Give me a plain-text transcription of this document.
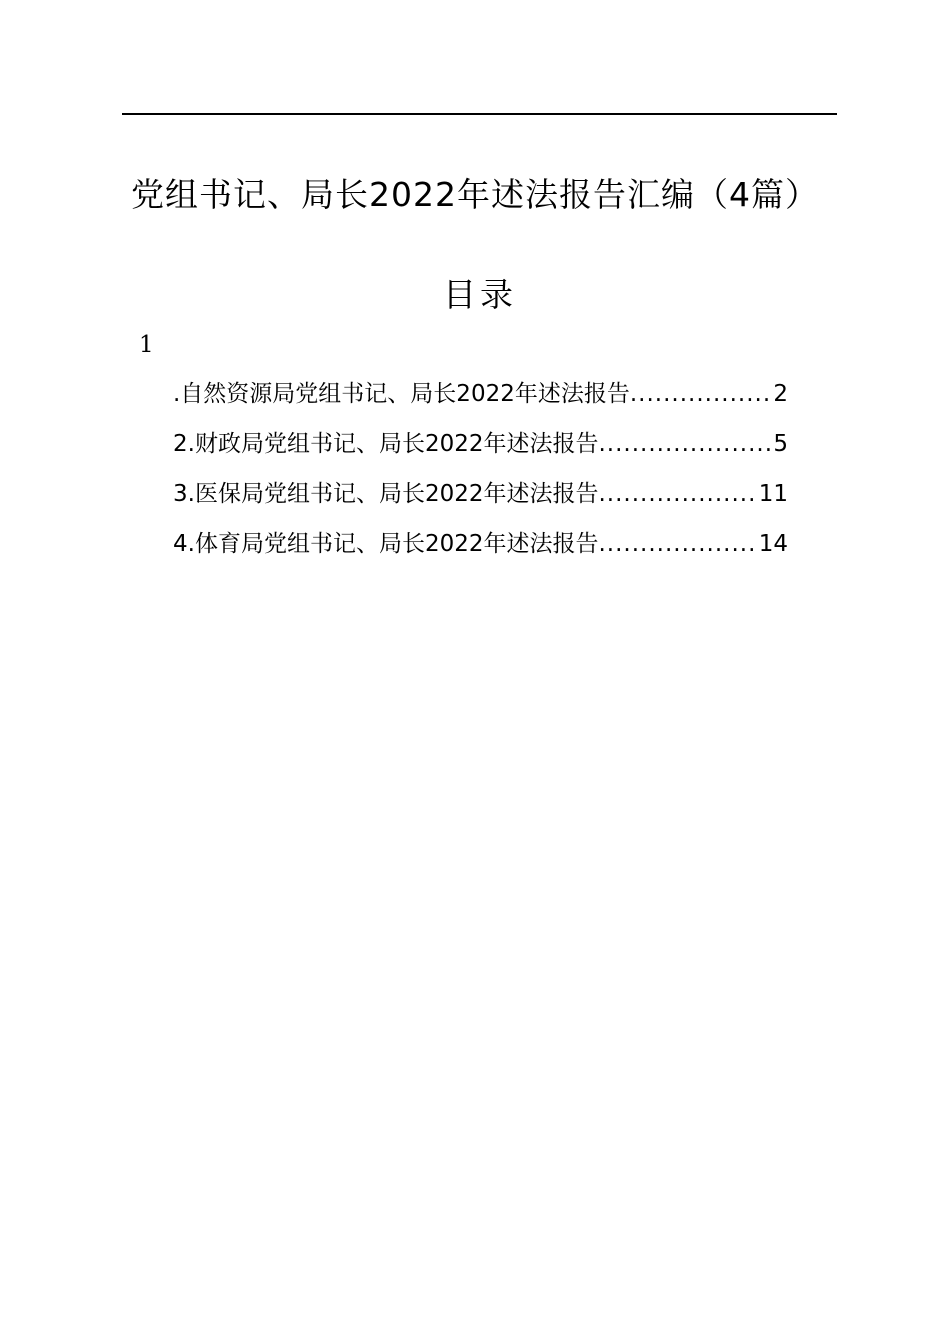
党组书记、局长2022年述法报告汇编（4篇）
目录
1
.自然资源局党组书记、局长2022年述法报告 .....	2
2.财政局党组书记、局长2022年述法报告 .....	5
3.医保局党组书记、局长2022年述法报告 .....	11
4.体育局党组书记、局长2022年述法报告 .....	14
